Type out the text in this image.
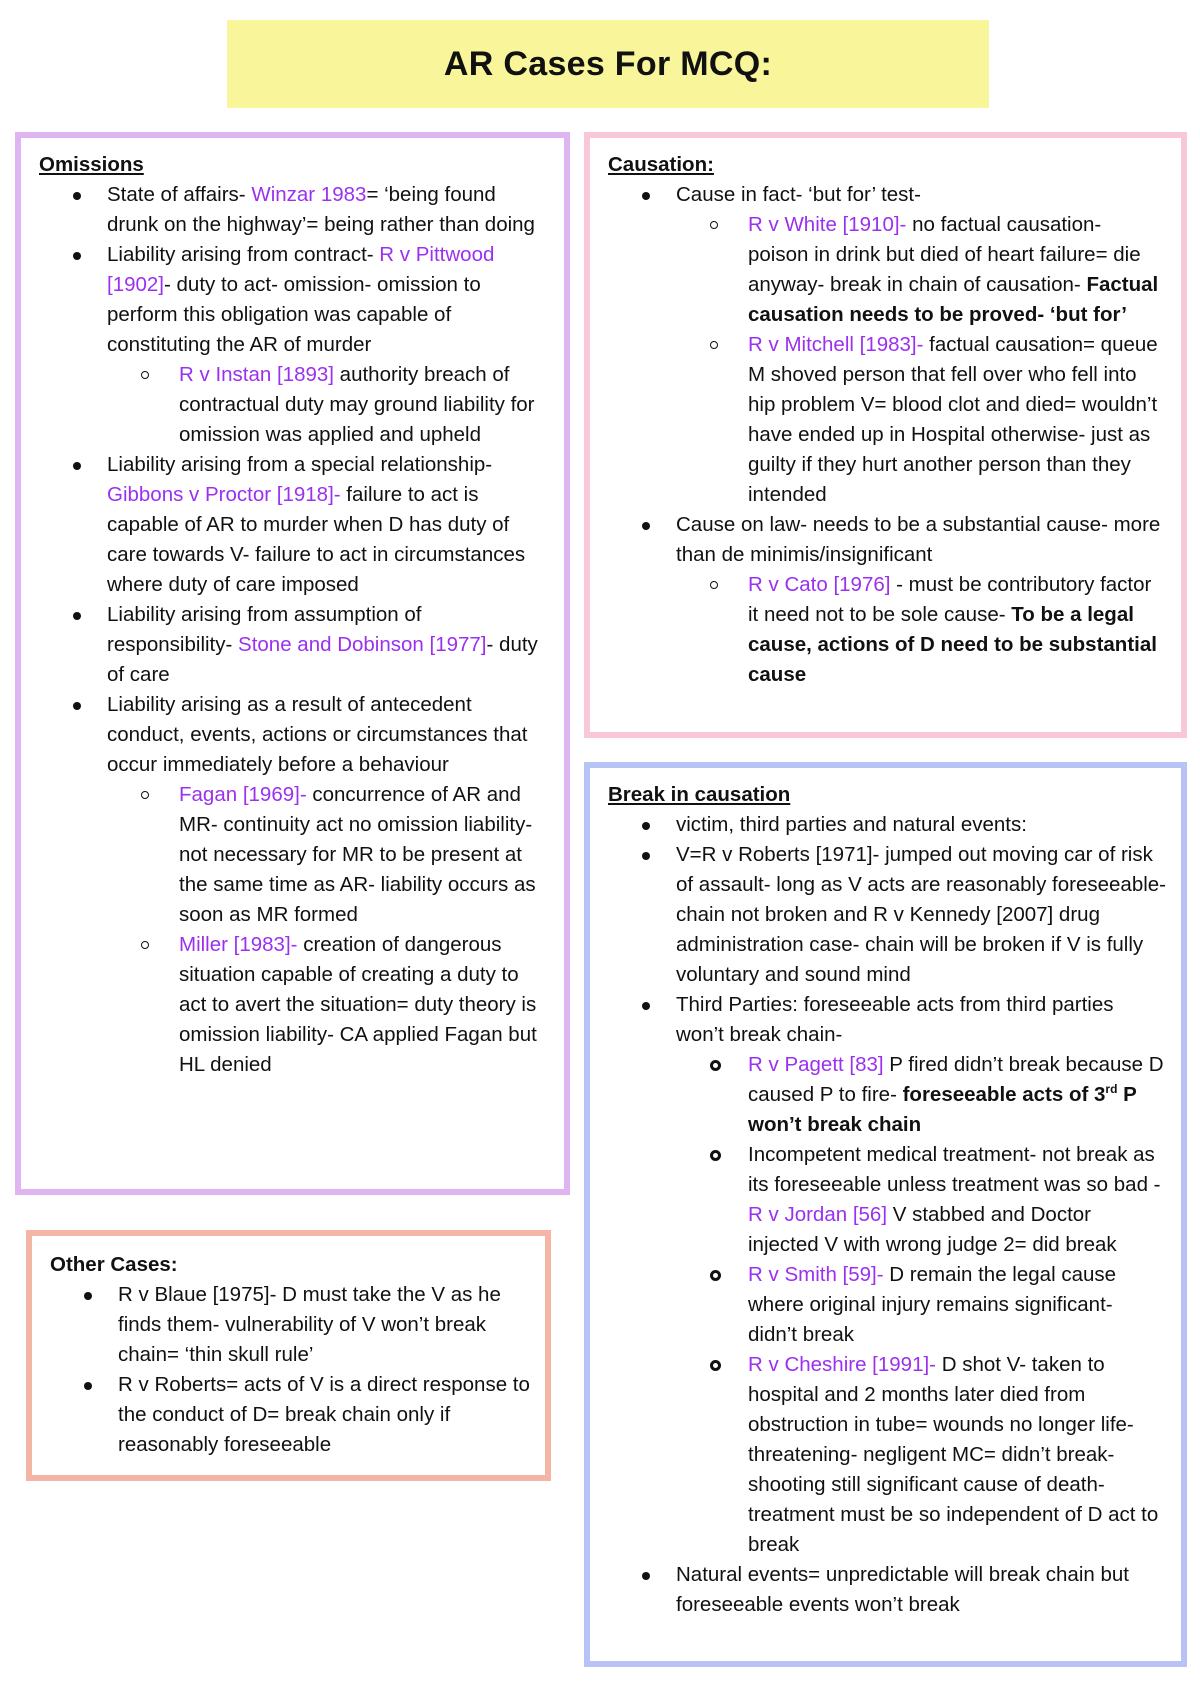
AR Cases For MCQ:
Omissions
State of affairs- Winzar 1983= ‘being found drunk on the highway’= being rather than doing
Liability arising from contract- R v Pittwood [1902]- duty to act- omission- omission to perform this obligation was capable of constituting the AR of murder
R v Instan [1893] authority breach of contractual duty may ground liability for omission was applied and upheld
Liability arising from a special relationship- Gibbons v Proctor [1918]- failure to act is capable of AR to murder when D has duty of care towards V- failure to act in circumstances where duty of care imposed
Liability arising from assumption of responsibility- Stone and Dobinson [1977]- duty of care
Liability arising as a result of antecedent conduct, events, actions or circumstances that occur immediately before a behaviour
Fagan [1969]- concurrence of AR and MR- continuity act no omission liability- not necessary for MR to be present at the same time as AR- liability occurs as soon as MR formed
Miller [1983]- creation of dangerous situation capable of creating a duty to act to avert the situation= duty theory is omission liability- CA applied Fagan but HL denied
Causation:
Cause in fact- ‘but for’ test-
R v White [1910]- no factual causation- poison in drink but died of heart failure= die anyway- break in chain of causation- Factual causation needs to be proved- ‘but for’
R v Mitchell [1983]- factual causation= queue M shoved person that fell over who fell into hip problem V= blood clot and died= wouldn’t have ended up in Hospital otherwise- just as guilty if they hurt another person than they intended
Cause on law- needs to be a substantial cause- more than de minimis/insignificant
R v Cato [1976] - must be contributory factor it need not to be sole cause- To be a legal cause, actions of D need to be substantial cause
Break in causation
victim, third parties and natural events:
V=R v Roberts [1971]- jumped out moving car of risk of assault- long as V acts are reasonably foreseeable- chain not broken and R v Kennedy [2007] drug administration case- chain will be broken if V is fully voluntary and sound mind
Third Parties: foreseeable acts from third parties won’t break chain-
R v Pagett [83] P fired didn’t break because D caused P to fire- foreseeable acts of 3rd P won’t break chain
Incompetent medical treatment- not break as its foreseeable unless treatment was so bad -R v Jordan [56] V stabbed and Doctor injected V with wrong judge 2= did break
R v Smith [59]- D remain the legal cause where original injury remains significant- didn’t break
R v Cheshire [1991]- D shot V- taken to hospital and 2 months later died from obstruction in tube= wounds no longer life-threatening- negligent MC= didn’t break- shooting still significant cause of death- treatment must be so independent of D act to break
Natural events= unpredictable will break chain but foreseeable events won’t break
Other Cases:
R v Blaue [1975]- D must take the V as he finds them- vulnerability of V won’t break chain= ‘thin skull rule’
R v Roberts= acts of V is a direct response to the conduct of D= break chain only if reasonably foreseeable
